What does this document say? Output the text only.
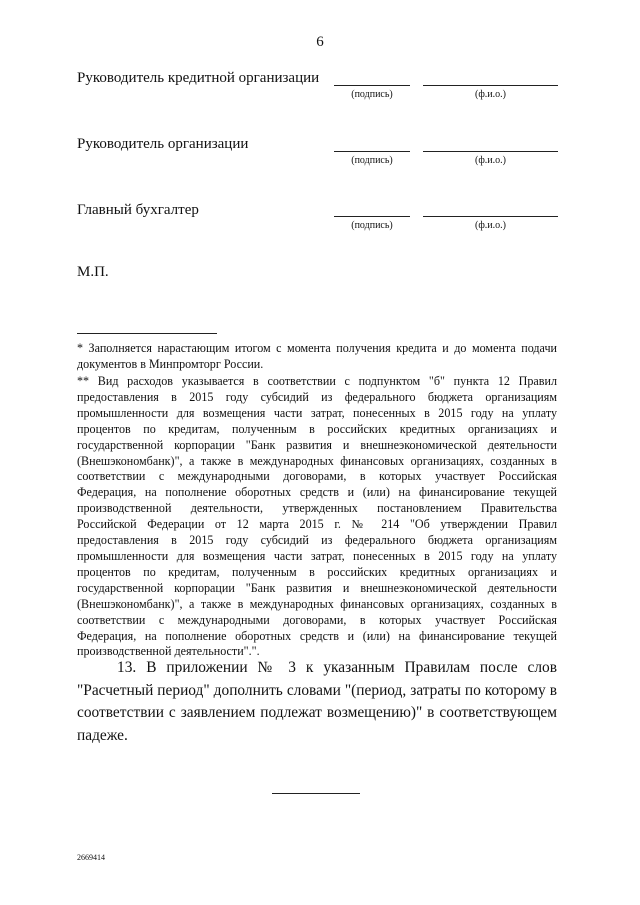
6
Руководитель кредитной организации
(подпись)	(ф.и.о.)
Руководитель организации
(подпись)	(ф.и.о.)
Главный бухгалтер
(подпись)	(ф.и.о.)
М.П.
* Заполняется нарастающим итогом с момента получения кредита и до момента подачи
документов в Минпромторг России.
** Вид расходов указывается в соответствии с подпунктом "б" пункта 12 Правил
предоставления в 2015 году субсидий из федерального бюджета организациям
промышленности для возмещения части затрат, понесенных в 2015 году на уплату
процентов по кредитам, полученным в российских кредитных организациях и
государственной корпорации "Банк развития и внешнеэкономической деятельности
(Внешэкономбанк)", а также в международных финансовых организациях, созданных в
соответствии с международными договорами, в которых участвует Российская
Федерация, на пополнение оборотных средств и (или) на финансирование текущей
производственной деятельности, утвержденных постановлением Правительства
Российской Федерации от 12 марта 2015 г. № 214 "Об утверждении Правил
предоставления в 2015 году субсидий из федерального бюджета организациям
промышленности для возмещения части затрат, понесенных в 2015 году на уплату
процентов по кредитам, полученным в российских кредитных организациях и
государственной корпорации "Банк развития и внешнеэкономической деятельности
(Внешэкономбанк)", а также в международных финансовых организациях, созданных в
соответствии с международными договорами, в которых участвует Российская
Федерация, на пополнение оборотных средств и (или) на финансирование текущей
производственной деятельности".".
13. В приложении № 3 к указанным Правилам после слов
"Расчетный период" дополнить словами "(период, затраты по которому в
соответствии с заявлением подлежат возмещению)" в соответствующем
падеже.
2669414
